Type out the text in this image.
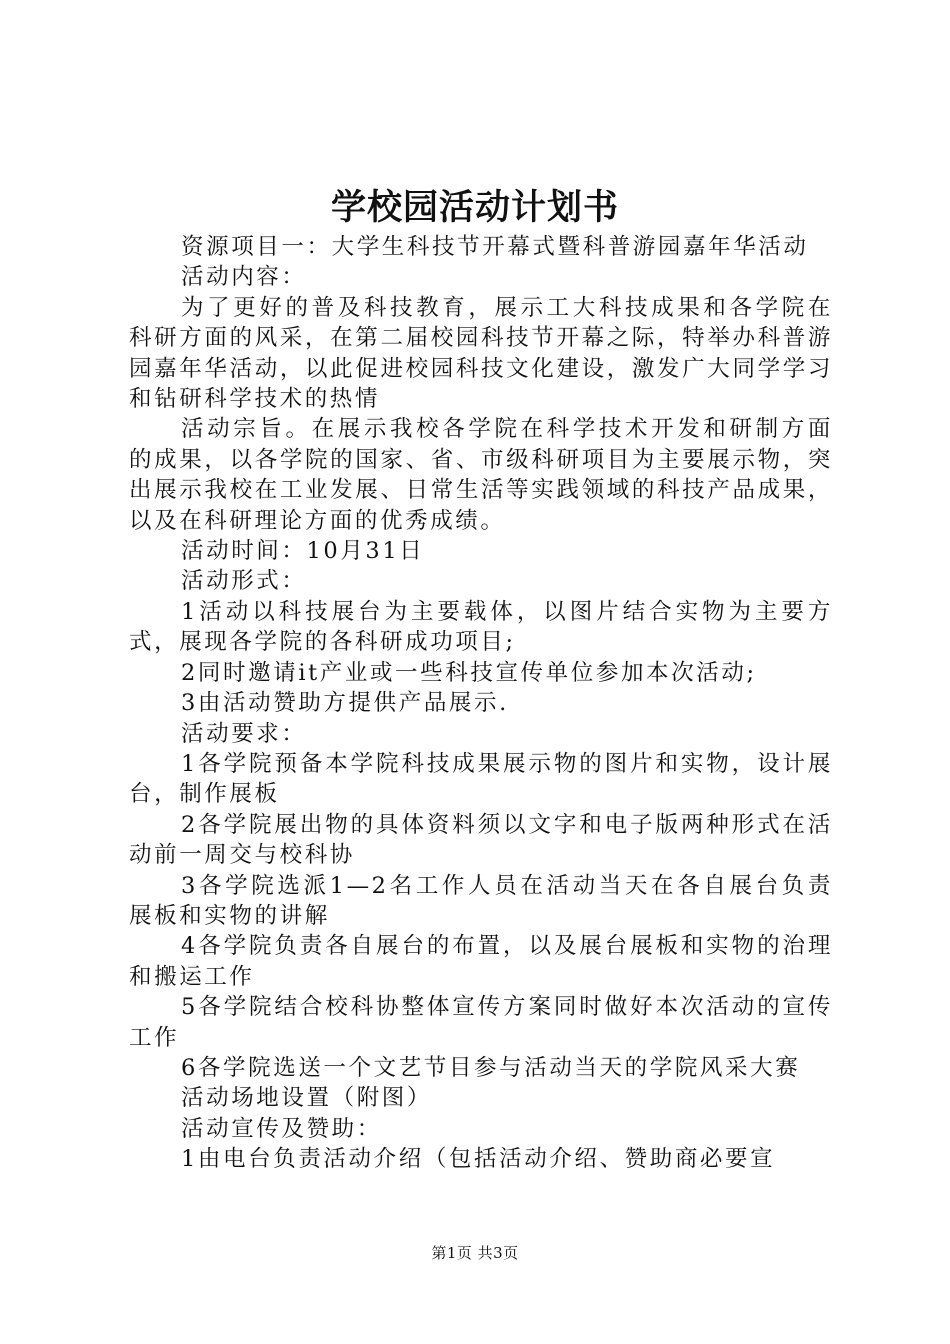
学校园活动计划书

资源项目一：大学生科技节开幕式暨科普游园嘉年华活动

活动内容：

为了更好的普及科技教育，展示工大科技成果和各学院在科研方面的风采，在第二届校园科技节开幕之际，特举办科普游园嘉年华活动，以此促进校园科技文化建设，激发广大同学学习和钻研科学技术的热情

活动宗旨。在展示我校各学院在科学技术开发和研制方面的成果，以各学院的国家、省、市级科研项目为主要展示物，突出展示我校在工业发展、日常生活等实践领域的科技产品成果，以及在科研理论方面的优秀成绩。

活动时间：10月31日

活动形式：

1活动以科技展台为主要载体，以图片结合实物为主要方式，展现各学院的各科研成功项目;

2同时邀请it产业或一些科技宣传单位参加本次活动;

3由活动赞助方提供产品展示.

活动要求：

1各学院预备本学院科技成果展示物的图片和实物，设计展台，制作展板

2各学院展出物的具体资料须以文字和电子版两种形式在活动前一周交与校科协

3各学院选派1—2名工作人员在活动当天在各自展台负责展板和实物的讲解

4各学院负责各自展台的布置，以及展台展板和实物的治理和搬运工作

5各学院结合校科协整体宣传方案同时做好本次活动的宣传工作

6各学院选送一个文艺节目参与活动当天的学院风采大赛

活动场地设置（附图）

活动宣传及赞助：

1由电台负责活动介绍（包括活动介绍、赞助商必要宣

第1页 共3页
